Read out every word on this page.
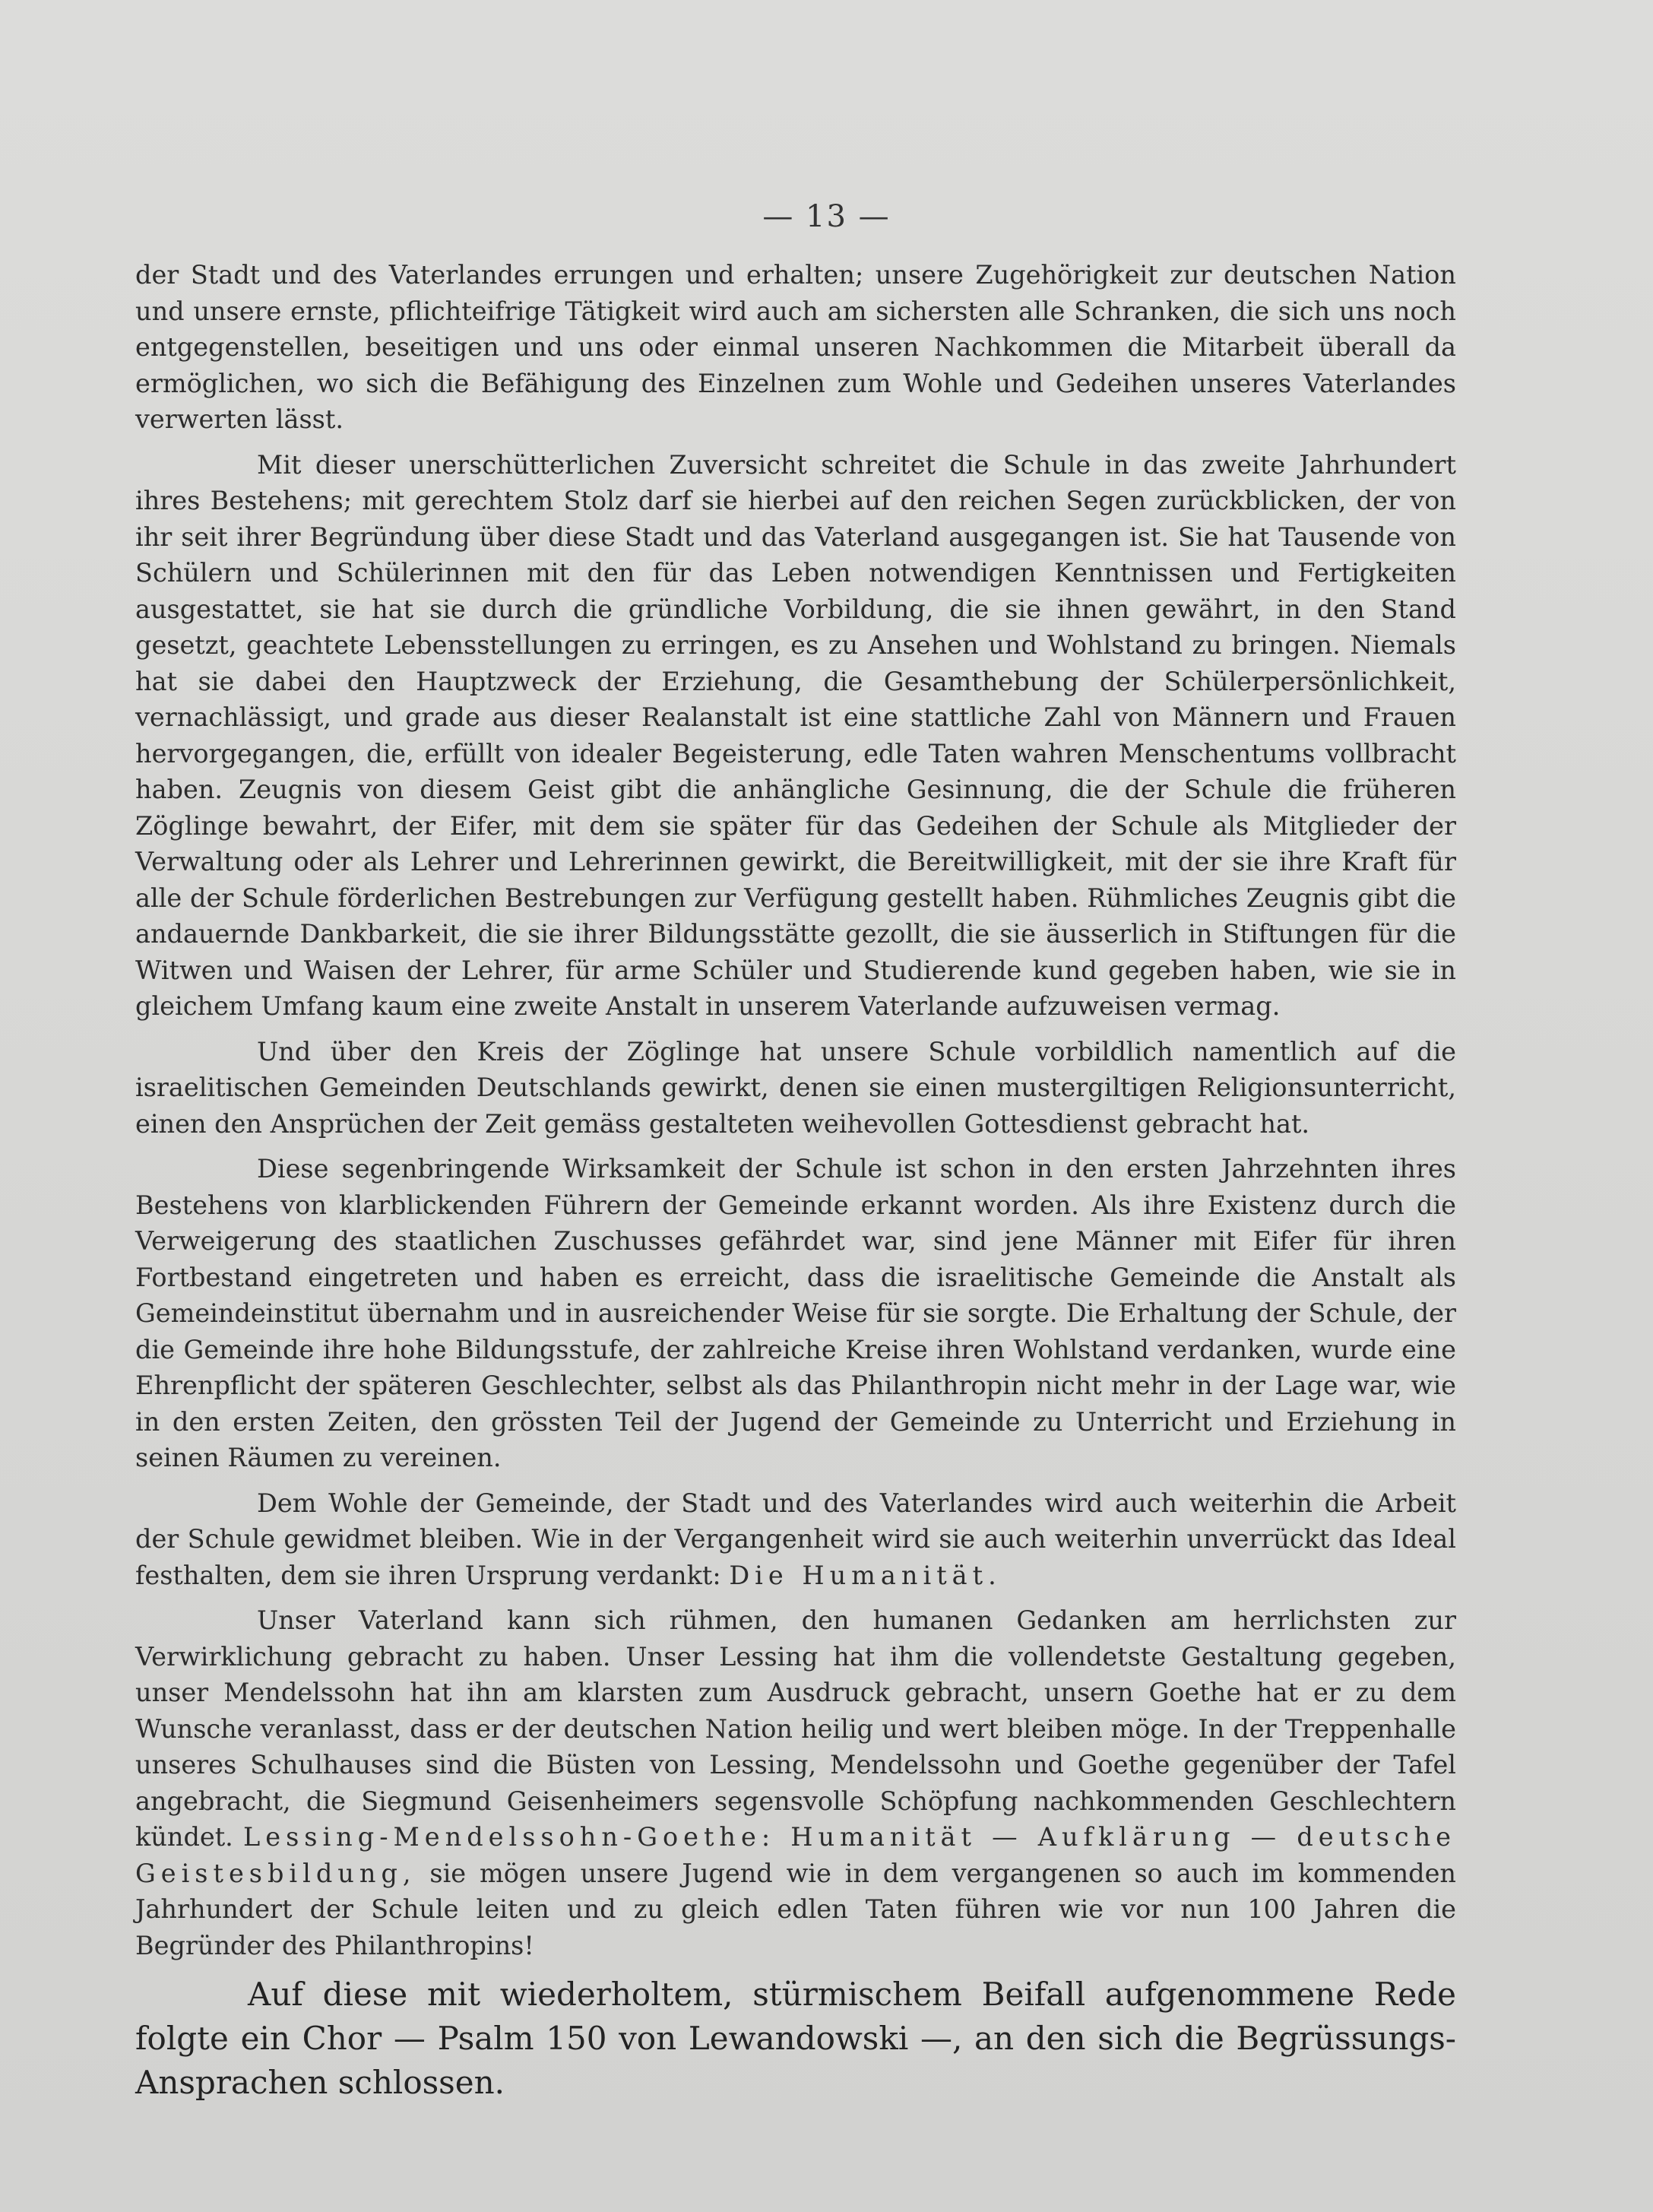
— 13 —

der Stadt und des Vaterlandes errungen und erhalten; unsere Zugehörigkeit zur deutschen Nation und unsere ernste, pflichteifrige Tätigkeit wird auch am sichersten alle Schranken, die sich uns noch entgegenstellen, beseitigen und uns oder einmal unseren Nachkommen die Mitarbeit überall da ermöglichen, wo sich die Befähigung des Einzelnen zum Wohle und Gedeihen unseres Vaterlandes verwerten lässt.

Mit dieser unerschütterlichen Zuversicht schreitet die Schule in das zweite Jahrhundert ihres Bestehens; mit gerechtem Stolz darf sie hierbei auf den reichen Segen zurückblicken, der von ihr seit ihrer Begründung über diese Stadt und das Vaterland ausgegangen ist. Sie hat Tausende von Schülern und Schülerinnen mit den für das Leben notwendigen Kenntnissen und Fertigkeiten ausgestattet, sie hat sie durch die gründliche Vorbildung, die sie ihnen gewährt, in den Stand gesetzt, geachtete Lebensstellungen zu erringen, es zu Ansehen und Wohlstand zu bringen. Niemals hat sie dabei den Hauptzweck der Erziehung, die Gesamthebung der Schülerpersönlichkeit, vernachlässigt, und grade aus dieser Realanstalt ist eine stattliche Zahl von Männern und Frauen hervorgegangen, die, erfüllt von idealer Begeisterung, edle Taten wahren Menschentums vollbracht haben. Zeugnis von diesem Geist gibt die anhängliche Gesinnung, die der Schule die früheren Zöglinge bewahrt, der Eifer, mit dem sie später für das Gedeihen der Schule als Mitglieder der Verwaltung oder als Lehrer und Lehrerinnen gewirkt, die Bereitwilligkeit, mit der sie ihre Kraft für alle der Schule förderlichen Bestrebungen zur Verfügung gestellt haben. Rühmliches Zeugnis gibt die andauernde Dankbarkeit, die sie ihrer Bildungsstätte gezollt, die sie äusserlich in Stiftungen für die Witwen und Waisen der Lehrer, für arme Schüler und Studierende kund gegeben haben, wie sie in gleichem Umfang kaum eine zweite Anstalt in unserem Vaterlande aufzuweisen vermag.

Und über den Kreis der Zöglinge hat unsere Schule vorbildlich namentlich auf die israelitischen Gemeinden Deutschlands gewirkt, denen sie einen mustergiltigen Religionsunterricht, einen den Ansprüchen der Zeit gemäss gestalteten weihevollen Gottesdienst gebracht hat.

Diese segenbringende Wirksamkeit der Schule ist schon in den ersten Jahrzehnten ihres Bestehens von klarblickenden Führern der Gemeinde erkannt worden. Als ihre Existenz durch die Verweigerung des staatlichen Zuschusses gefährdet war, sind jene Männer mit Eifer für ihren Fortbestand eingetreten und haben es erreicht, dass die israelitische Gemeinde die Anstalt als Gemeindeinstitut übernahm und in ausreichender Weise für sie sorgte. Die Erhaltung der Schule, der die Gemeinde ihre hohe Bildungsstufe, der zahlreiche Kreise ihren Wohlstand verdanken, wurde eine Ehrenpflicht der späteren Geschlechter, selbst als das Philanthropin nicht mehr in der Lage war, wie in den ersten Zeiten, den grössten Teil der Jugend der Gemeinde zu Unterricht und Erziehung in seinen Räumen zu vereinen.

Dem Wohle der Gemeinde, der Stadt und des Vaterlandes wird auch weiterhin die Arbeit der Schule gewidmet bleiben. Wie in der Vergangenheit wird sie auch weiterhin unverrückt das Ideal festhalten, dem sie ihren Ursprung verdankt: Die Humanität.

Unser Vaterland kann sich rühmen, den humanen Gedanken am herrlichsten zur Verwirklichung gebracht zu haben. Unser Lessing hat ihm die vollendetste Gestaltung gegeben, unser Mendelssohn hat ihn am klarsten zum Ausdruck gebracht, unsern Goethe hat er zu dem Wunsche veranlasst, dass er der deutschen Nation heilig und wert bleiben möge. In der Treppenhalle unseres Schulhauses sind die Büsten von Lessing, Mendelssohn und Goethe gegenüber der Tafel angebracht, die Siegmund Geisenheimers segensvolle Schöpfung nachkommenden Geschlechtern kündet. Lessing-Mendelssohn-Goethe: Humanität — Aufklärung — deutsche Geistesbildung, sie mögen unsere Jugend wie in dem vergangenen so auch im kommenden Jahrhundert der Schule leiten und zu gleich edlen Taten führen wie vor nun 100 Jahren die Begründer des Philanthropins!

Auf diese mit wiederholtem, stürmischem Beifall aufgenommene Rede folgte ein Chor — Psalm 150 von Lewandowski —, an den sich die Begrüssungs-Ansprachen schlossen.
